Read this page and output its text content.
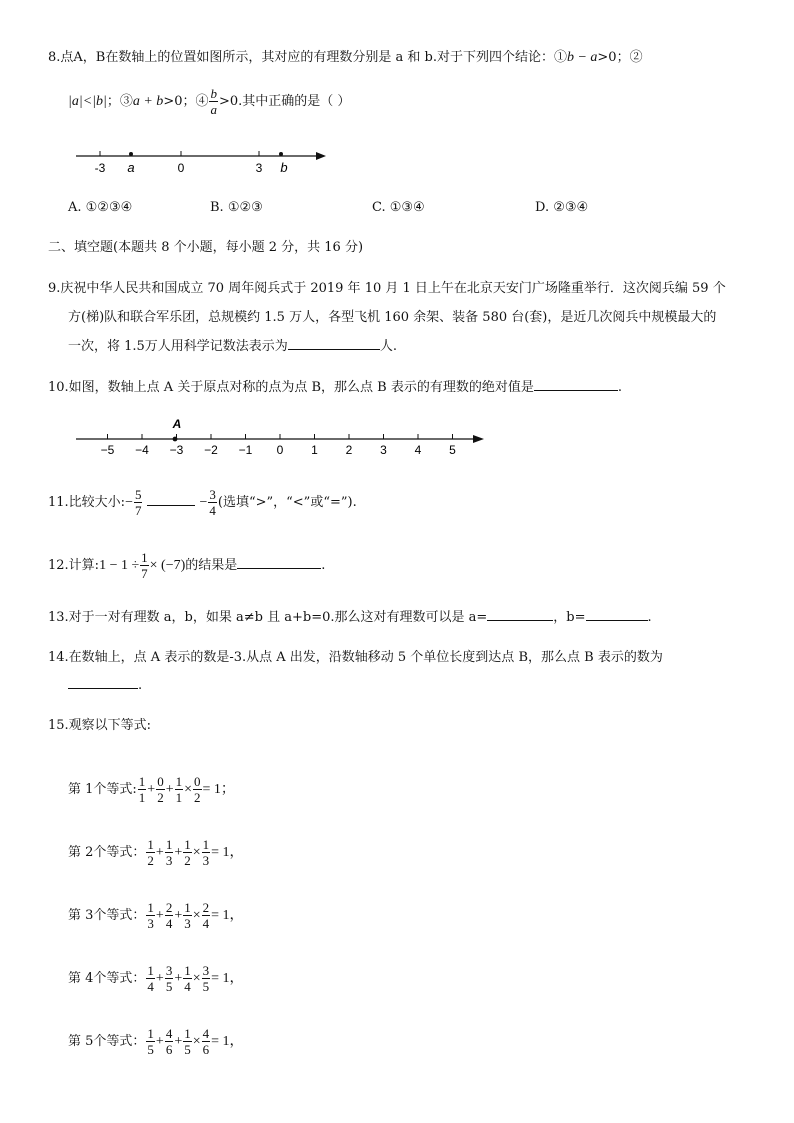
8.点A，B在数轴上的位置如图所示，其对应的有理数分别是 a 和 b.对于下列四个结论：①b − a>0；②
|a|<|b|；③a + b>0；④ $\frac{b}{a} >0$.其中正确的是（ ）
-3 a	0	3 b
A. ①②③④	B. ①②③	C. ①③④	D. ②③④
二、填空题(本题共 8 个小题，每小题 2 分，共 16 分)
9.庆祝中华人民共和国成立 70 周年阅兵式于 2019 年 10 月 1 日上午在北京天安门广场隆重举行．这次阅兵编 59 个
方(梯)队和联合军乐团，总规模约 1.5 万人，各型飞机 160 余架、装备 580 台(套)，是近几次阅兵中规模最大的
一次，将 1.5万人用科学记数法表示为	人.
10.如图，数轴上点 A 关于原点对称的点为点 B，那么点 B 表示的有理数的绝对值是	.
−5 −4 −3 −2 −1 0 1 2 3 4 5
A
11.比较大小:− $\frac{5}{7}$	− $\frac{3}{4}$ (选填“>”，“<”或“=”).
12.计算:1 − $1 \div \frac{1}{7} \times (-7)$的结果是	.
13.对于一对有理数 a，b，如果 a≠b 且 a+b=0.那么这对有理数可以是 a=	，b=	.
14.在数轴上，点 A 表示的数是-3.从点 A 出发，沿数轴移动 5 个单位长度到达点 B，那么点 B 表示的数为
.
15.观察以下等式:
第 1个等式: $\frac{1}{1} + \frac{0}{2} + \frac{1}{1} \times \frac{0}{2} = 1$；
第 2个等式： $\frac{1}{2} + \frac{1}{3} + \frac{1}{2} \times \frac{1}{3} = 1$，
第 3个等式： $\frac{1}{3} + \frac{2}{4} + \frac{1}{3} \times \frac{2}{4} = 1$，
第 4个等式： $\frac{1}{4} + \frac{3}{5} + \frac{1}{4} \times \frac{3}{5} = 1$，
第 5个等式： $\frac{1}{5} + \frac{4}{6} + \frac{1}{5} \times \frac{4}{6} = 1$，
